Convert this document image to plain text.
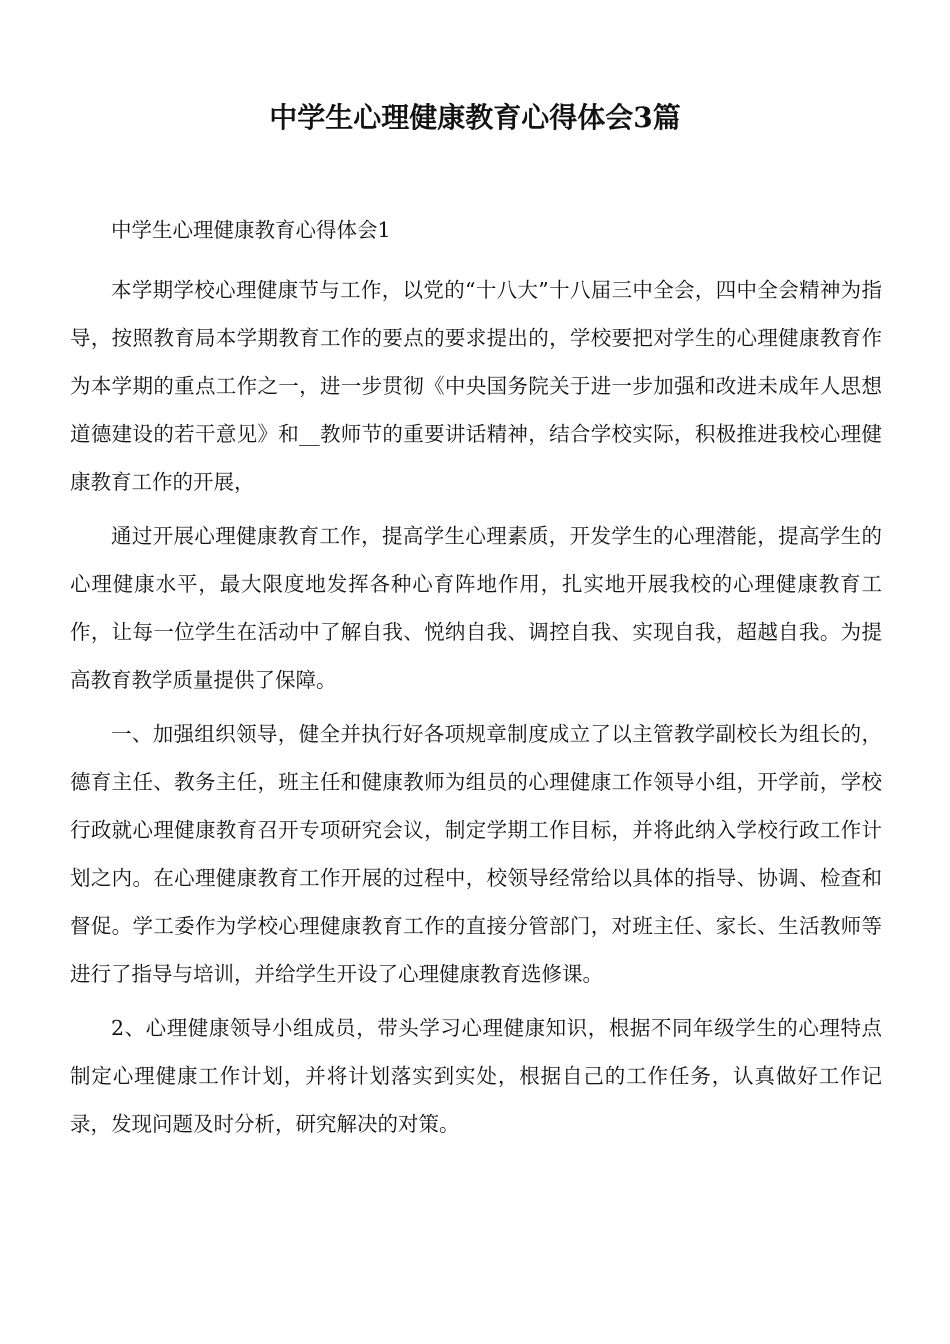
中学生心理健康教育心得体会3篇

中学生心理健康教育心得体会1

本学期学校心理健康节与工作，以党的“十八大”十八届三中全会，四中全会精神为指导，按照教育局本学期教育工作的要点的要求提出的，学校要把对学生的心理健康教育作为本学期的重点工作之一，进一步贯彻《中央国务院关于进一步加强和改进未成年人思想道德建设的若干意见》和__教师节的重要讲话精神，结合学校实际，积极推进我校心理健康教育工作的开展，

通过开展心理健康教育工作，提高学生心理素质，开发学生的心理潜能，提高学生的心理健康水平，最大限度地发挥各种心育阵地作用，扎实地开展我校的心理健康教育工作，让每一位学生在活动中了解自我、悦纳自我、调控自我、实现自我，超越自我。为提高教育教学质量提供了保障。

一、加强组织领导，健全并执行好各项规章制度成立了以主管教学副校长为组长的，德育主任、教务主任，班主任和健康教师为组员的心理健康工作领导小组，开学前，学校行政就心理健康教育召开专项研究会议，制定学期工作目标，并将此纳入学校行政工作计划之内。在心理健康教育工作开展的过程中，校领导经常给以具体的指导、协调、检查和督促。学工委作为学校心理健康教育工作的直接分管部门，对班主任、家长、生活教师等进行了指导与培训，并给学生开设了心理健康教育选修课。

2、心理健康领导小组成员，带头学习心理健康知识，根据不同年级学生的心理特点制定心理健康工作计划，并将计划落实到实处，根据自己的工作任务，认真做好工作记录，发现问题及时分析，研究解决的对策。
